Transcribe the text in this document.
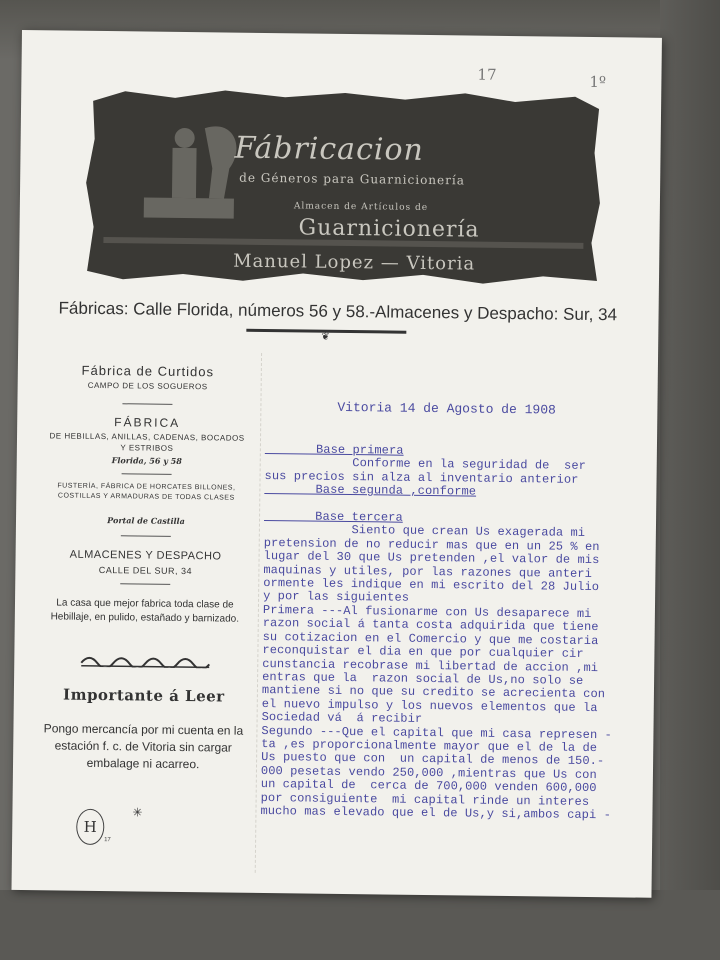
17	1º
Fábricacion
de Géneros para Guarnicionería
Almacen de Artículos de
Guarnicionería
Manuel Lopez — Vitoria
Fábricas: Calle Florida, números 56 y 58.-Almacenes y Despacho: Sur, 34
❦
Fábrica de Curtidos
CAMPO DE LOS SOGUEROS
FÁBRICA
DE HEBILLAS, ANILLAS, CADENAS, BOCADOS Y ESTRIBOS
Florida, 56 y 58
FUSTERÍA, FÁBRICA DE HORCATES BILLONES, COSTILLAS Y ARMADURAS DE TODAS CLASES
Portal de Castilla
ALMACENES Y DESPACHO
CALLE DEL SUR, 34
La casa que mejor fabrica toda clase de Hebillaje, en pulido, estañado y barnizado.
Importante á Leer
Pongo mercancía por mi cuenta en la estación f. c. de Vitoria sin cargar embalage ni acarreo.
✳
H
17
Vitoria 14 de Agosto de 1908
Base primera
Conforme en la seguridad de  ser
sus precios sin alza al inventario anterior
Base segunda ,conforme

Base tercera
Siento que crean Us exagerada mi
pretension de no reducir mas que en un 25 % en
lugar del 30 que Us pretenden ,el valor de mis
maquinas y utiles, por las razones que anteri
ormente les indique en mi escrito del 28 Julio
y por las siguientes
Primera ---Al fusionarme con Us desaparece mi
razon social á tanta costa adquirida que tiene
su cotizacion en el Comercio y que me costaria
reconquistar el dia en que por cualquier cir
cunstancia recobrase mi libertad de accion ,mi
entras que la  razon social de Us,no solo se
mantiene si no que su credito se acrecienta con
el nuevo impulso y los nuevos elementos que la
Sociedad vá  á recibir
Segundo ---Que el capital que mi casa represen -
ta ,es proporcionalmente mayor que el de la de
Us puesto que con  un capital de menos de 150.-
000 pesetas vendo 250,000 ,mientras que Us con
un capital de  cerca de 700,000 venden 600,000
por consiguiente  mi capital rinde un interes
mucho mas elevado que el de Us,y si,ambos capi -
